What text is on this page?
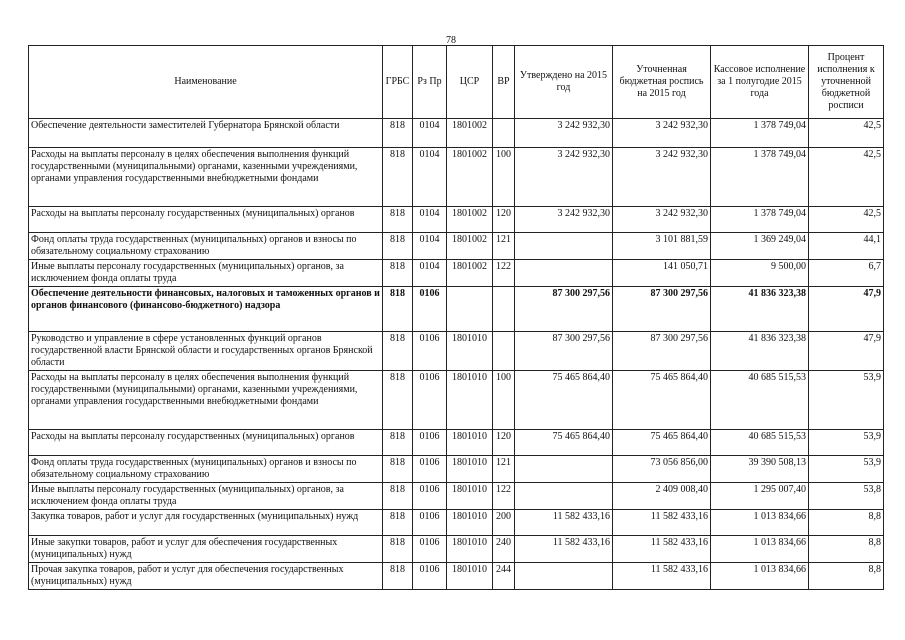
78
Наименование	ГРБС	Рз Пр	ЦСР	ВР	Утверждено на 2015 год	Уточненная бюджетная роспись на 2015 год	Кассовое исполнение за 1 полугодие 2015 года	Процент исполнения к уточненной бюджетной росписи
Обеспечение деятельности заместителей Губернатора Брянской области	818	0104	1801002		3 242 932,30	3 242 932,30	1 378 749,04	42,5
Расходы на выплаты персоналу в целях обеспечения выполнения функций государственными (муниципальными) органами, казенными учреждениями, органами управления государственными внебюджетными фондами	818	0104	1801002	100	3 242 932,30	3 242 932,30	1 378 749,04	42,5
Расходы на выплаты персоналу государственных (муниципальных) органов	818	0104	1801002	120	3 242 932,30	3 242 932,30	1 378 749,04	42,5
Фонд оплаты труда государственных (муниципальных) органов и взносы по обязательному социальному страхованию	818	0104	1801002	121		3 101 881,59	1 369 249,04	44,1
Иные выплаты персоналу государственных (муниципальных) органов, за исключением фонда оплаты труда	818	0104	1801002	122		141 050,71	9 500,00	6,7
Обеспечение деятельности финансовых, налоговых и таможенных органов и органов финансового (финансово-бюджетного) надзора	818	0106			87 300 297,56	87 300 297,56	41 836 323,38	47,9
Руководство и управление в сфере установленных функций органов государственной власти Брянской области и государственных органов Брянской области	818	0106	1801010		87 300 297,56	87 300 297,56	41 836 323,38	47,9
Расходы на выплаты персоналу в целях обеспечения выполнения функций государственными (муниципальными) органами, казенными учреждениями, органами управления государственными внебюджетными фондами	818	0106	1801010	100	75 465 864,40	75 465 864,40	40 685 515,53	53,9
Расходы на выплаты персоналу государственных (муниципальных) органов	818	0106	1801010	120	75 465 864,40	75 465 864,40	40 685 515,53	53,9
Фонд оплаты труда государственных (муниципальных) органов и взносы по обязательному социальному страхованию	818	0106	1801010	121		73 056 856,00	39 390 508,13	53,9
Иные выплаты персоналу государственных (муниципальных) органов, за исключением фонда оплаты труда	818	0106	1801010	122		2 409 008,40	1 295 007,40	53,8
Закупка товаров, работ и услуг для государственных (муниципальных) нужд	818	0106	1801010	200	11 582 433,16	11 582 433,16	1 013 834,66	8,8
Иные закупки товаров, работ и услуг для обеспечения государственных (муниципальных) нужд	818	0106	1801010	240	11 582 433,16	11 582 433,16	1 013 834,66	8,8
Прочая закупка товаров, работ и услуг для обеспечения государственных (муниципальных) нужд	818	0106	1801010	244		11 582 433,16	1 013 834,66	8,8
